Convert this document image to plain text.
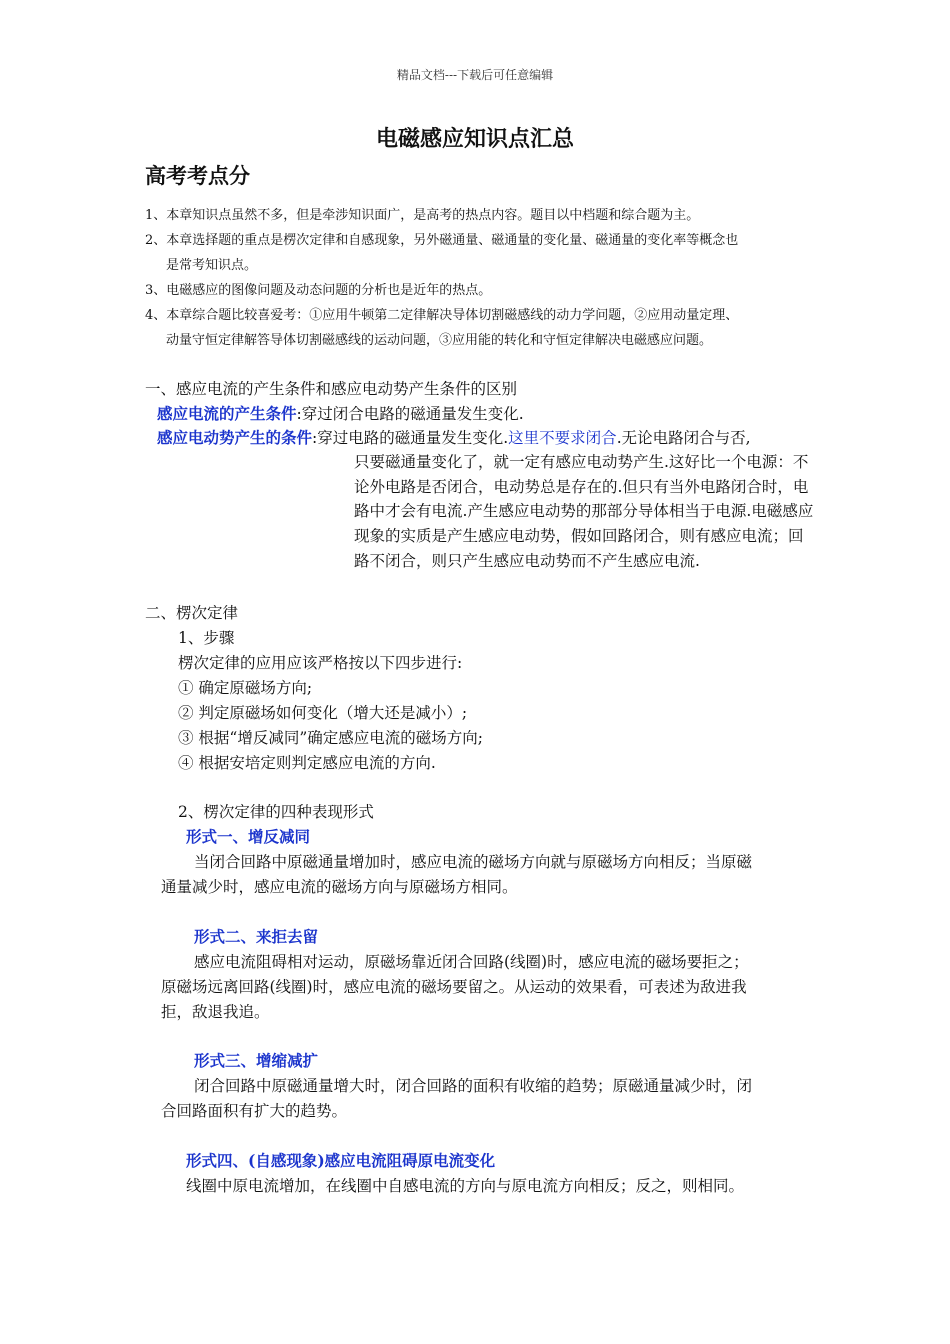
精品文档---下载后可任意编辑
电磁感应知识点汇总
高考考点分
1、本章知识点虽然不多，但是牵涉知识面广，是高考的热点内容。题目以中档题和综合题为主。
2、本章选择题的重点是楞次定律和自感现象，另外磁通量、磁通量的变化量、磁通量的变化率等概念也
是常考知识点。
3、电磁感应的图像问题及动态问题的分析也是近年的热点。
4、本章综合题比较喜爱考：①应用牛顿第二定律解决导体切割磁感线的动力学问题，②应用动量定理、
动量守恒定律解答导体切割磁感线的运动问题，③应用能的转化和守恒定律解决电磁感应问题。
一、感应电流的产生条件和感应电动势产生条件的区别
感应电流的产生条件:穿过闭合电路的磁通量发生变化.
感应电动势产生的条件:穿过电路的磁通量发生变化.这里不要求闭合.无论电路闭合与否,
只要磁通量变化了，就一定有感应电动势产生.这好比一个电源：不论外电路是否闭合，电动势总是存在的.但只有当外电路闭合时，电路中才会有电流.产生感应电动势的那部分导体相当于电源.电磁感应现象的实质是产生感应电动势，假如回路闭合，则有感应电流；回路不闭合，则只产生感应电动势而不产生感应电流.
二、楞次定律
1、步骤
楞次定律的应用应该严格按以下四步进行:
① 确定原磁场方向;
② 判定原磁场如何变化（增大还是减小）;
③ 根据“增反减同”确定感应电流的磁场方向;
④ 根据安培定则判定感应电流的方向.
2、楞次定律的四种表现形式
形式一、增反减同
当闭合回路中原磁通量增加时，感应电流的磁场方向就与原磁场方向相反；当原磁
通量减少时，感应电流的磁场方向与原磁场方相同。
形式二、来拒去留
感应电流阻碍相对运动，原磁场靠近闭合回路(线圈)时，感应电流的磁场要拒之；
原磁场远离回路(线圈)时，感应电流的磁场要留之。从运动的效果看，可表述为敌进我
拒，敌退我追。
形式三、增缩减扩
闭合回路中原磁通量增大时，闭合回路的面积有收缩的趋势；原磁通量减少时，闭
合回路面积有扩大的趋势。
形式四、(自感现象)感应电流阻碍原电流变化
线圈中原电流增加，在线圈中自感电流的方向与原电流方向相反；反之，则相同。
